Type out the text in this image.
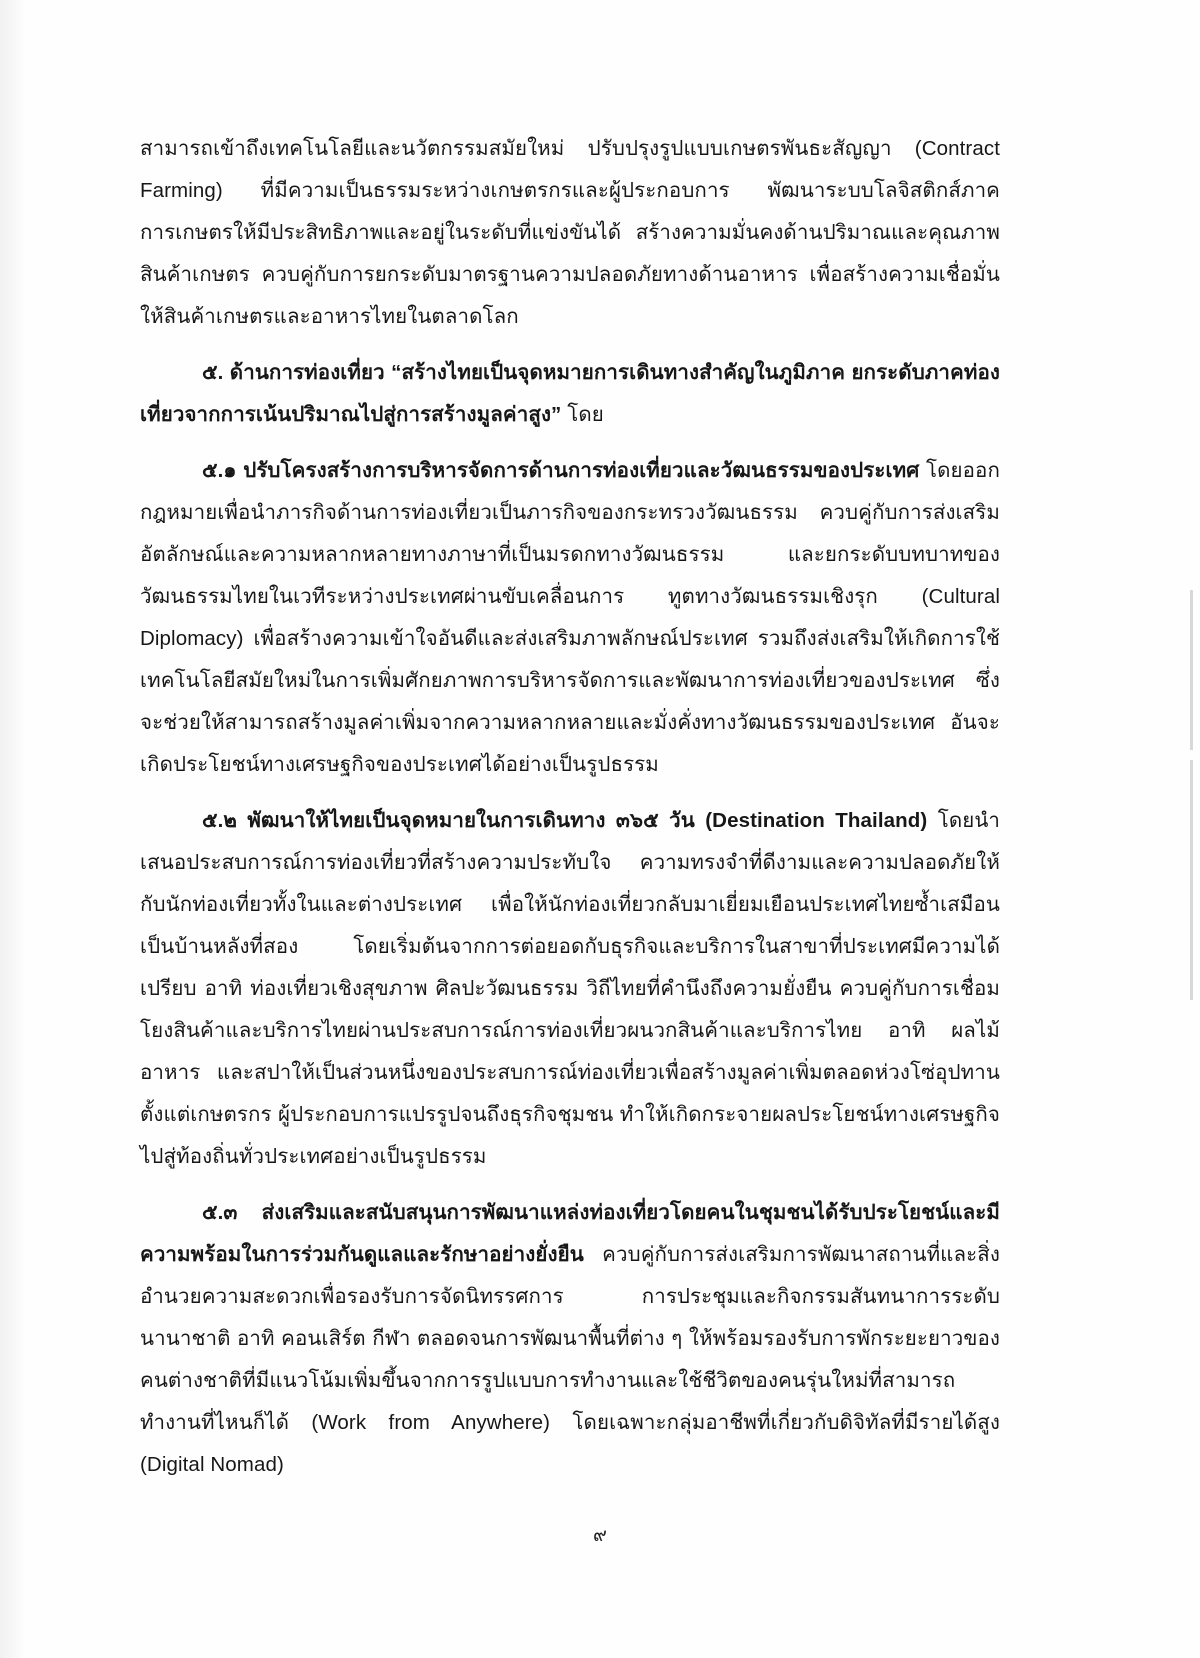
สามารถเข้าถึงเทคโนโลยีและนวัตกรรมสมัยใหม่ ปรับปรุงรูปแบบเกษตรพันธะสัญญา (Contract Farming) ที่มีความเป็นธรรมระหว่างเกษตรกรและผู้ประกอบการ พัฒนาระบบโลจิสติกส์ภาคการเกษตรให้มีประสิทธิภาพและอยู่ในระดับที่แข่งขันได้ สร้างความมั่นคงด้านปริมาณและคุณภาพสินค้าเกษตร ควบคู่กับการยกระดับมาตรฐานความปลอดภัยทางด้านอาหาร เพื่อสร้างความเชื่อมั่นให้สินค้าเกษตรและอาหารไทยในตลาดโลก

๕. ด้านการท่องเที่ยว “สร้างไทยเป็นจุดหมายการเดินทางสำคัญในภูมิภาค ยกระดับภาคท่องเที่ยวจากการเน้นปริมาณไปสู่การสร้างมูลค่าสูง” โดย

๕.๑ ปรับโครงสร้างการบริหารจัดการด้านการท่องเที่ยวและวัฒนธรรมของประเทศ โดยออกกฎหมายเพื่อนำภารกิจด้านการท่องเที่ยวเป็นภารกิจของกระทรวงวัฒนธรรม ควบคู่กับการส่งเสริมอัตลักษณ์และความหลากหลายทางภาษาที่เป็นมรดกทางวัฒนธรรม และยกระดับบทบาทของวัฒนธรรมไทยในเวทีระหว่างประเทศผ่านขับเคลื่อนการ ทูตทางวัฒนธรรมเชิงรุก (Cultural Diplomacy) เพื่อสร้างความเข้าใจอันดีและส่งเสริมภาพลักษณ์ประเทศ รวมถึงส่งเสริมให้เกิดการใช้เทคโนโลยีสมัยใหม่ในการเพิ่มศักยภาพการบริหารจัดการและพัฒนาการท่องเที่ยวของประเทศ ซึ่งจะช่วยให้สามารถสร้างมูลค่าเพิ่มจากความหลากหลายและมั่งคั่งทางวัฒนธรรมของประเทศ อันจะเกิดประโยชน์ทางเศรษฐกิจของประเทศได้อย่างเป็นรูปธรรม

๕.๒ พัฒนาให้ไทยเป็นจุดหมายในการเดินทาง ๓๖๕ วัน (Destination Thailand) โดยนำเสนอประสบการณ์การท่องเที่ยวที่สร้างความประทับใจ ความทรงจำที่ดีงามและความปลอดภัยให้กับนักท่องเที่ยวทั้งในและต่างประเทศ เพื่อให้นักท่องเที่ยวกลับมาเยี่ยมเยือนประเทศไทยซ้ำเสมือนเป็นบ้านหลังที่สอง โดยเริ่มต้นจากการต่อยอดกับธุรกิจและบริการในสาขาที่ประเทศมีความได้เปรียบ อาทิ ท่องเที่ยวเชิงสุขภาพ ศิลปะวัฒนธรรม วิถีไทยที่คำนึงถึงความยั่งยืน ควบคู่กับการเชื่อมโยงสินค้าและบริการไทยผ่านประสบการณ์การท่องเที่ยวผนวกสินค้าและบริการไทย อาทิ ผลไม้ อาหาร และสปาให้เป็นส่วนหนึ่งของประสบการณ์ท่องเที่ยวเพื่อสร้างมูลค่าเพิ่มตลอดห่วงโซ่อุปทานตั้งแต่เกษตรกร ผู้ประกอบการแปรรูปจนถึงธุรกิจชุมชน ทำให้เกิดกระจายผลประโยชน์ทางเศรษฐกิจไปสู่ท้องถิ่นทั่วประเทศอย่างเป็นรูปธรรม

๕.๓ ส่งเสริมและสนับสนุนการพัฒนาแหล่งท่องเที่ยวโดยคนในชุมชนได้รับประโยชน์และมีความพร้อมในการร่วมกันดูแลและรักษาอย่างยั่งยืน ควบคู่กับการส่งเสริมการพัฒนาสถานที่และสิ่งอำนวยความสะดวกเพื่อรองรับการจัดนิทรรศการ การประชุมและกิจกรรมสันทนาการระดับนานาชาติ อาทิ คอนเสิร์ต กีฬา ตลอดจนการพัฒนาพื้นที่ต่าง ๆ ให้พร้อมรองรับการพักระยะยาวของคนต่างชาติที่มีแนวโน้มเพิ่มขึ้นจากการรูปแบบการทำงานและใช้ชีวิตของคนรุ่นใหม่ที่สามารถทำงานที่ไหนก็ได้ (Work from Anywhere) โดยเฉพาะกลุ่มอาชีพที่เกี่ยวกับดิจิทัลที่มีรายได้สูง (Digital Nomad)

๙
